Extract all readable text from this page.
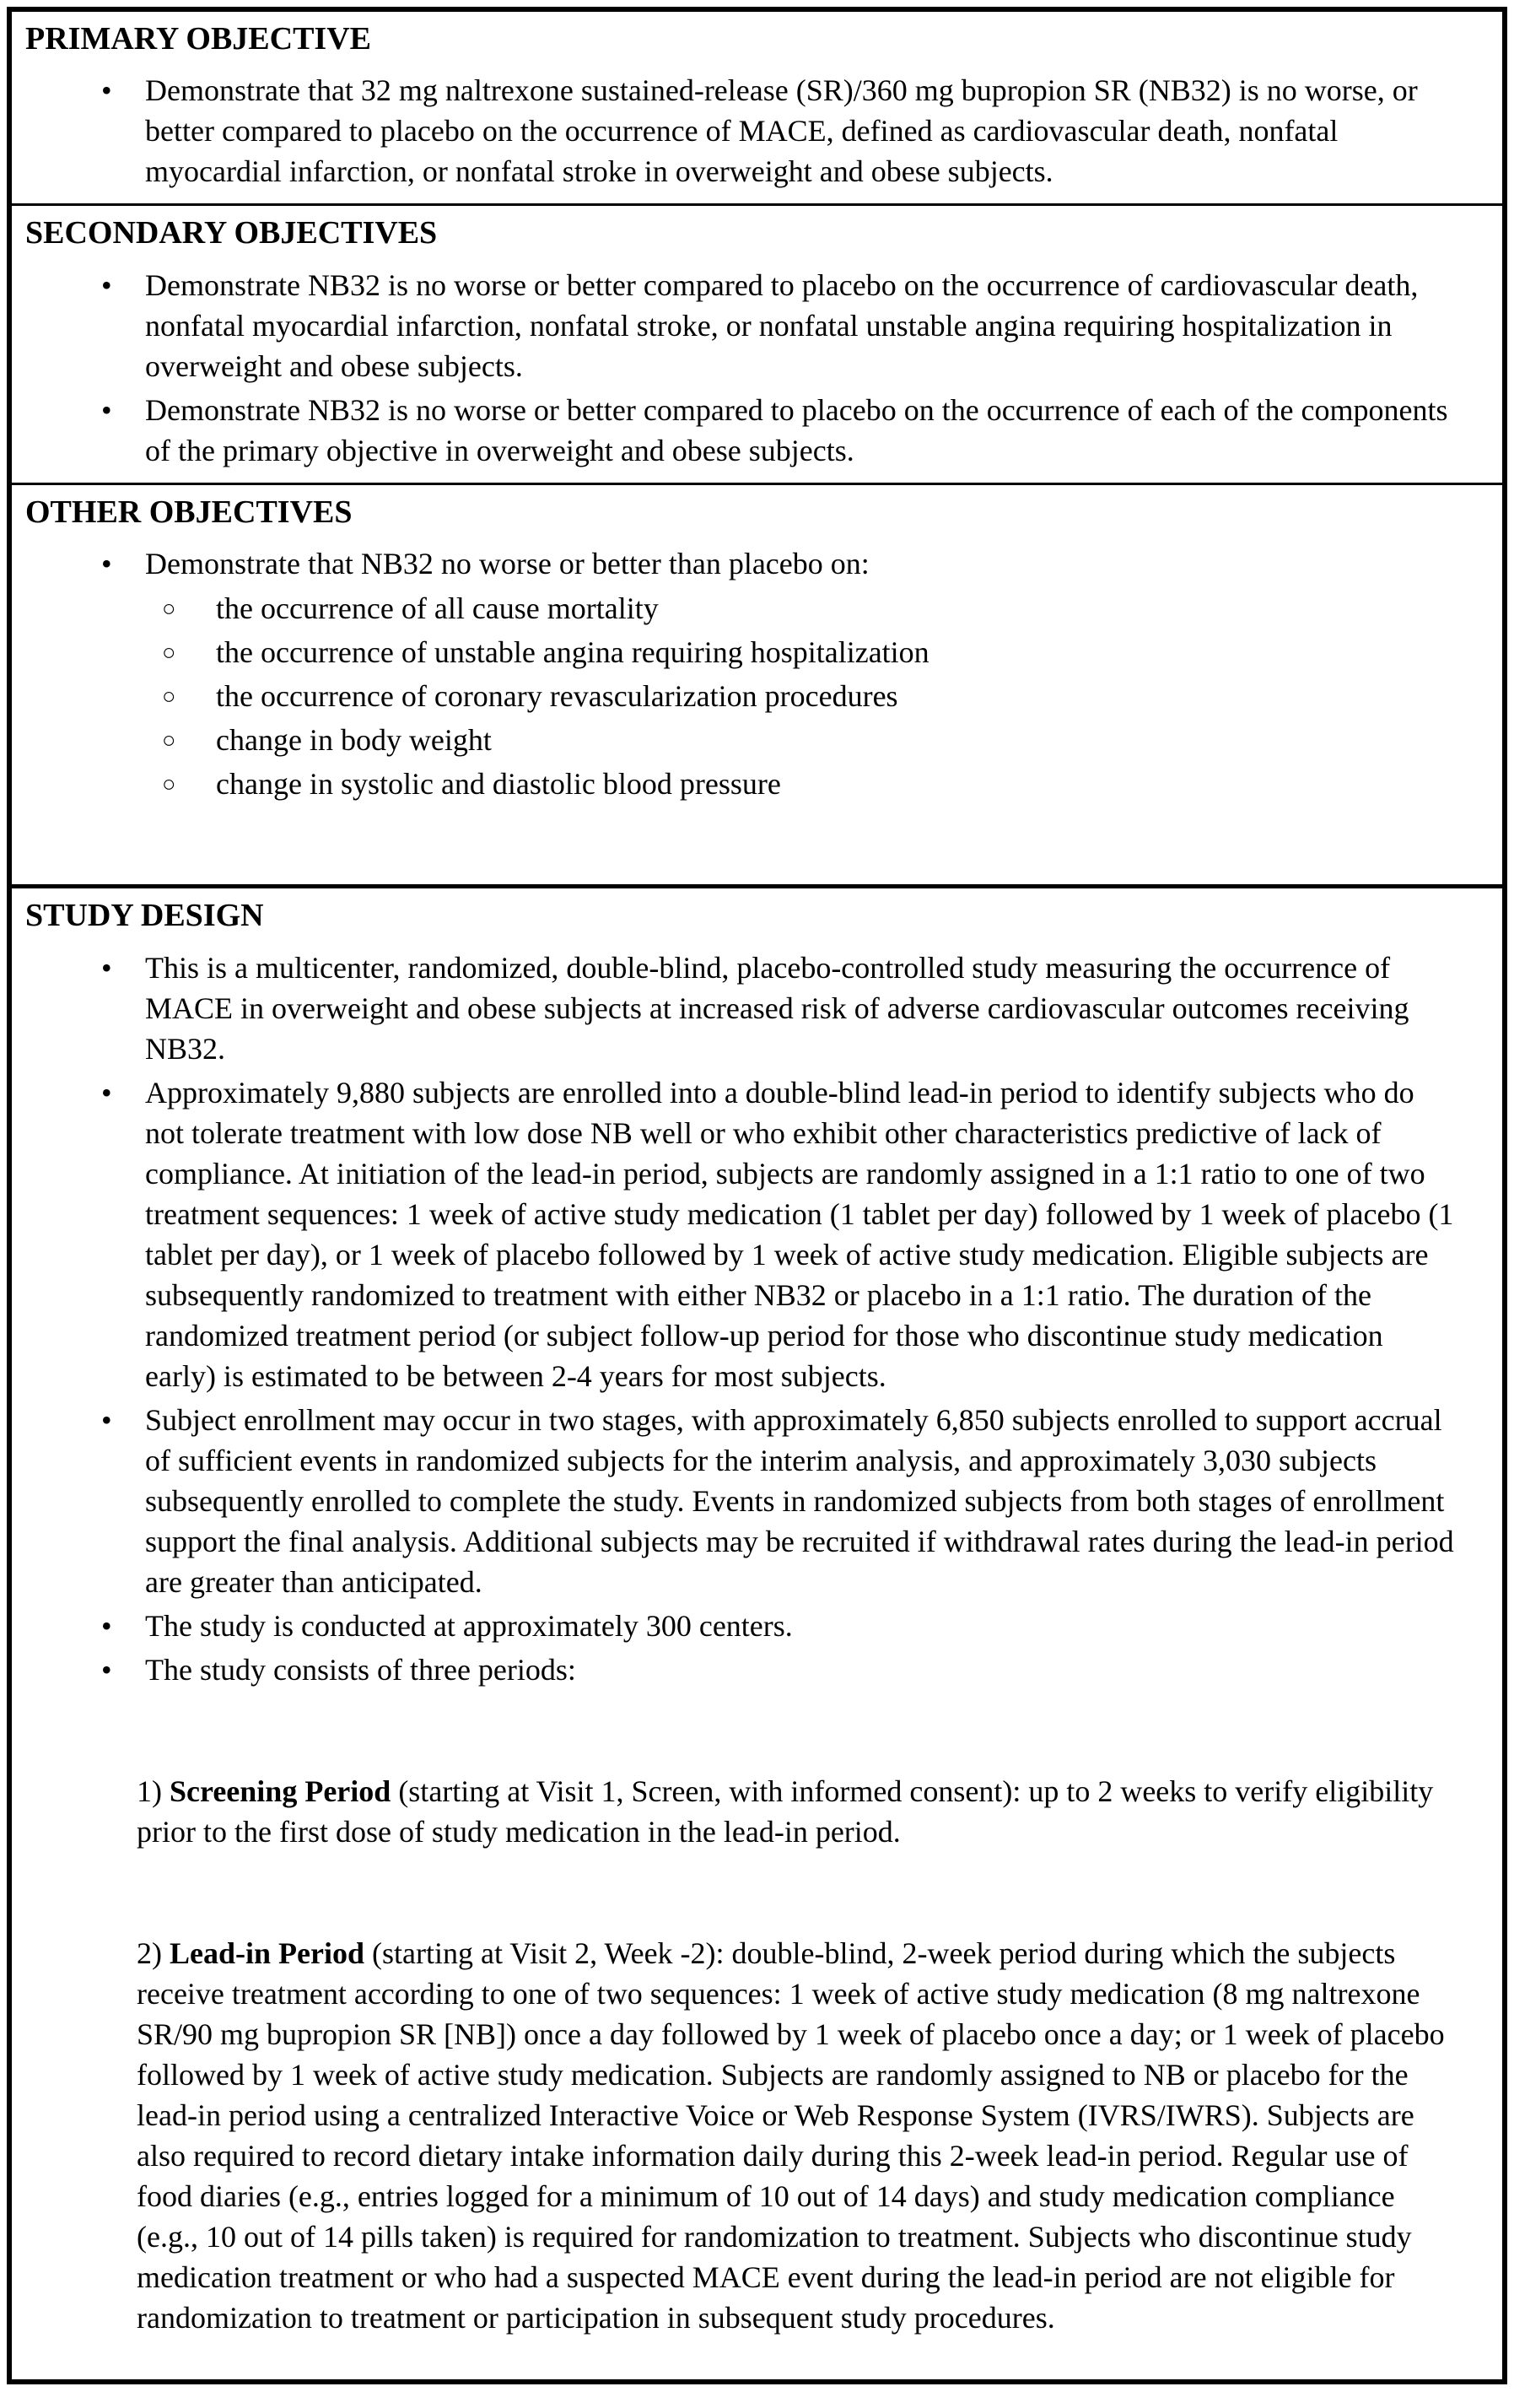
PRIMARY OBJECTIVE
•	Demonstrate that 32 mg naltrexone sustained-release (SR)/360 mg bupropion SR (NB32) is no worse, or better compared to placebo on the occurrence of MACE, defined as cardiovascular death, nonfatal myocardial infarction, or nonfatal stroke in overweight and obese subjects.
SECONDARY OBJECTIVES
•	Demonstrate NB32 is no worse or better compared to placebo on the occurrence of cardiovascular death, nonfatal myocardial infarction, nonfatal stroke, or nonfatal unstable angina requiring hospitalization in overweight and obese subjects.
•	Demonstrate NB32 is no worse or better compared to placebo on the occurrence of each of the components of the primary objective in overweight and obese subjects.
OTHER OBJECTIVES
•	Demonstrate that NB32 no worse or better than placebo on:
○	the occurrence of all cause mortality
○	the occurrence of unstable angina requiring hospitalization
○	the occurrence of coronary revascularization procedures
○	change in body weight
○	change in systolic and diastolic blood pressure
STUDY DESIGN
•	This is a multicenter, randomized, double-blind, placebo-controlled study measuring the occurrence of MACE in overweight and obese subjects at increased risk of adverse cardiovascular outcomes receiving NB32.
•	Approximately 9,880 subjects are enrolled into a double-blind lead-in period to identify subjects who do not tolerate treatment with low dose NB well or who exhibit other characteristics predictive of lack of compliance. At initiation of the lead-in period, subjects are randomly assigned in a 1:1 ratio to one of two treatment sequences: 1 week of active study medication (1 tablet per day) followed by 1 week of placebo (1 tablet per day), or 1 week of placebo followed by 1 week of active study medication. Eligible subjects are subsequently randomized to treatment with either NB32 or placebo in a 1:1 ratio. The duration of the randomized treatment period (or subject follow-up period for those who discontinue study medication early) is estimated to be between 2-4 years for most subjects.
•	Subject enrollment may occur in two stages, with approximately 6,850 subjects enrolled to support accrual of sufficient events in randomized subjects for the interim analysis, and approximately 3,030 subjects subsequently enrolled to complete the study. Events in randomized subjects from both stages of enrollment support the final analysis. Additional subjects may be recruited if withdrawal rates during the lead-in period are greater than anticipated.
•	The study is conducted at approximately 300 centers.
•	The study consists of three periods:

1) Screening Period (starting at Visit 1, Screen, with informed consent): up to 2 weeks to verify eligibility prior to the first dose of study medication in the lead-in period.

2) Lead-in Period (starting at Visit 2, Week -2): double-blind, 2-week period during which the subjects receive treatment according to one of two sequences: 1 week of active study medication (8 mg naltrexone SR/90 mg bupropion SR [NB]) once a day followed by 1 week of placebo once a day; or 1 week of placebo followed by 1 week of active study medication. Subjects are randomly assigned to NB or placebo for the lead-in period using a centralized Interactive Voice or Web Response System (IVRS/IWRS). Subjects are also required to record dietary intake information daily during this 2-week lead-in period. Regular use of food diaries (e.g., entries logged for a minimum of 10 out of 14 days) and study medication compliance (e.g., 10 out of 14 pills taken) is required for randomization to treatment. Subjects who discontinue study medication treatment or who had a suspected MACE event during the lead-in period are not eligible for randomization to treatment or participation in subsequent study procedures.
